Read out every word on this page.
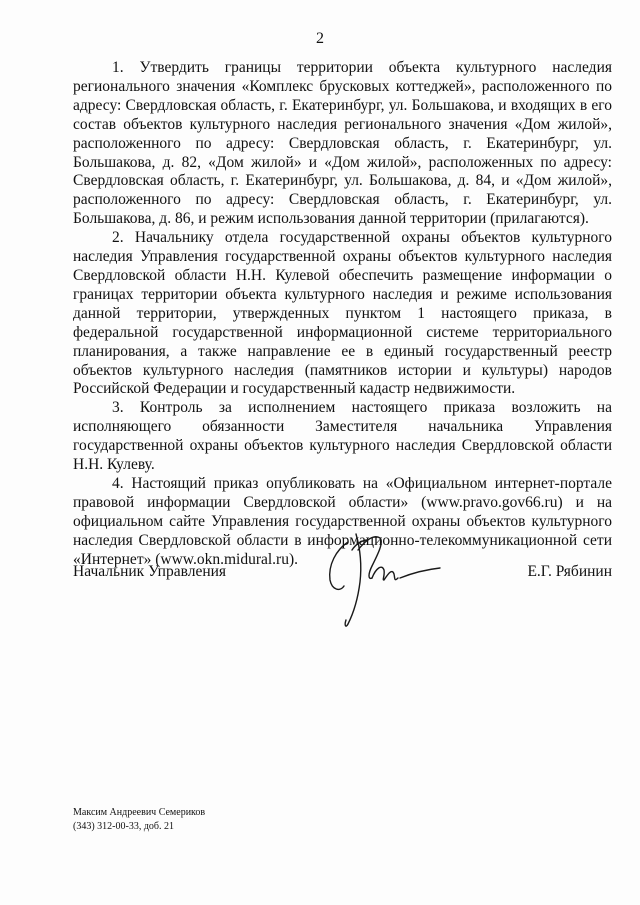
2

1. Утвердить границы территории объекта культурного наследия регионального значения «Комплекс брусковых коттеджей», расположенного по адресу: Свердловская область, г. Екатеринбург, ул. Большакова, и входящих в его состав объектов культурного наследия регионального значения «Дом жилой», расположенного по адресу: Свердловская область, г. Екатеринбург, ул. Большакова, д. 82, «Дом жилой» и «Дом жилой», расположенных по адресу: Свердловская область, г. Екатеринбург, ул. Большакова, д. 84, и «Дом жилой», расположенного по адресу: Свердловская область, г. Екатеринбург, ул. Большакова, д. 86, и режим использования данной территории (прилагаются).

2. Начальнику отдела государственной охраны объектов культурного наследия Управления государственной охраны объектов культурного наследия Свердловской области Н.Н. Кулевой обеспечить размещение информации о границах территории объекта культурного наследия и режиме использования данной территории, утвержденных пунктом 1 настоящего приказа, в федеральной государственной информационной системе территориального планирования, а также направление ее в единый государственный реестр объектов культурного наследия (памятников истории и культуры) народов Российской Федерации и государственный кадастр недвижимости.

3. Контроль за исполнением настоящего приказа возложить на исполняющего обязанности Заместителя начальника Управления государственной охраны объектов культурного наследия Свердловской области Н.Н. Кулеву.

4. Настоящий приказ опубликовать на «Официальном интернет-портале правовой информации Свердловской области» (www.pravo.gov66.ru) и на официальном сайте Управления государственной охраны объектов культурного наследия Свердловской области в информационно-телекоммуникационной сети «Интернет» (www.okn.midural.ru).

Начальник Управления	Е.Г. Рябинин
Максим Андреевич Семериков
(343) 312-00-33, доб. 21
